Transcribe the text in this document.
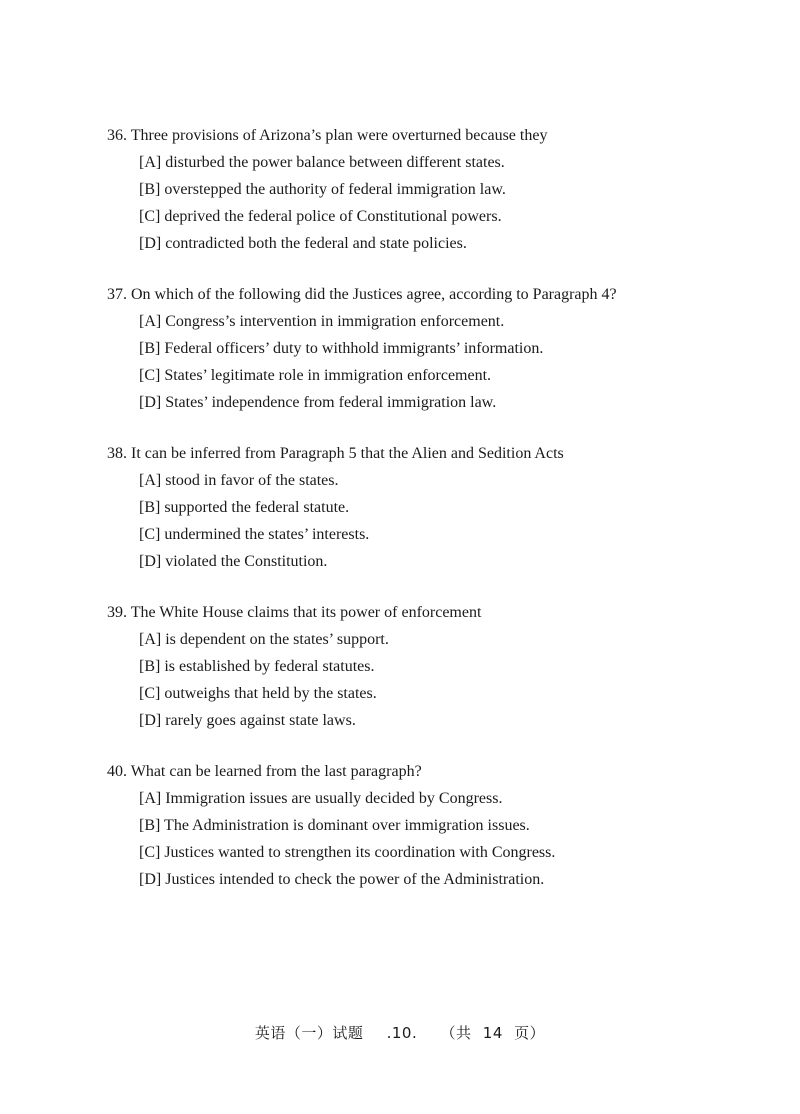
36. Three provisions of Arizona’s plan were overturned because they
[A] disturbed the power balance between different states.
[B] overstepped the authority of federal immigration law.
[C] deprived the federal police of Constitutional powers.
[D] contradicted both the federal and state policies.
37. On which of the following did the Justices agree, according to Paragraph 4?
[A] Congress’s intervention in immigration enforcement.
[B] Federal officers’ duty to withhold immigrants’ information.
[C] States’ legitimate role in immigration enforcement.
[D] States’ independence from federal immigration law.
38. It can be inferred from Paragraph 5 that the Alien and Sedition Acts
[A] stood in favor of the states.
[B] supported the federal statute.
[C] undermined the states’ interests.
[D] violated the Constitution.
39. The White House claims that its power of enforcement
[A] is dependent on the states’ support.
[B] is established by federal statutes.
[C] outweighs that held by the states.
[D] rarely goes against state laws.
40. What can be learned from the last paragraph?
[A] Immigration issues are usually decided by Congress.
[B] The Administration is dominant over immigration issues.
[C] Justices wanted to strengthen its coordination with Congress.
[D] Justices intended to check the power of the Administration.
英语（一）试题 .10. （共 14 页）
